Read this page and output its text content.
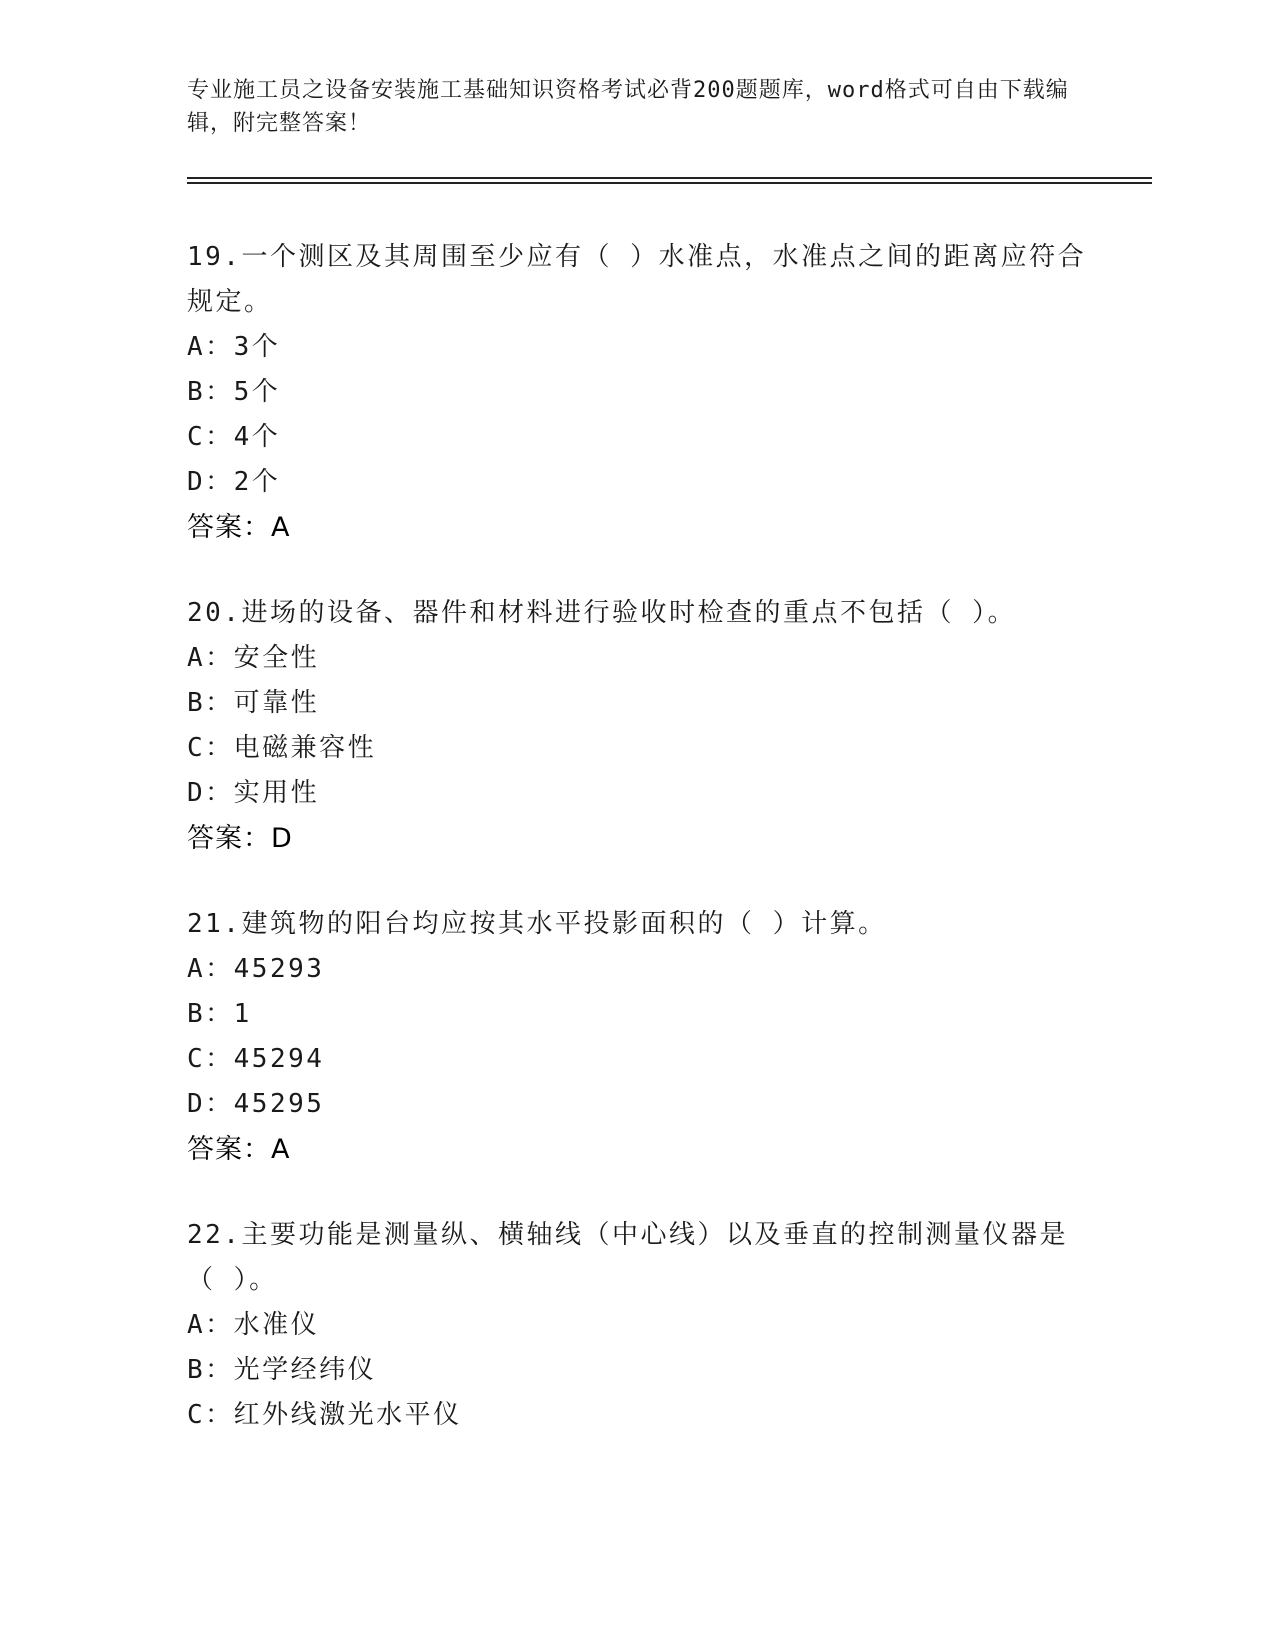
专业施工员之设备安装施工基础知识资格考试必背200题题库，word格式可自由下载编辑，附完整答案！

19.一个测区及其周围至少应有（ ）水准点，水准点之间的距离应符合规定。

A：3个
B：5个
C：4个
D：2个
答案：A

20.进场的设备、器件和材料进行验收时检查的重点不包括（ ）。

A：安全性
B：可靠性
C：电磁兼容性
D：实用性
答案：D

21.建筑物的阳台均应按其水平投影面积的（ ）计算。

A：45293
B：1
C：45294
D：45295
答案：A

22.主要功能是测量纵、横轴线（中心线）以及垂直的控制测量仪器是（ ）。

A：水准仪
B：光学经纬仪
C：红外线激光水平仪
